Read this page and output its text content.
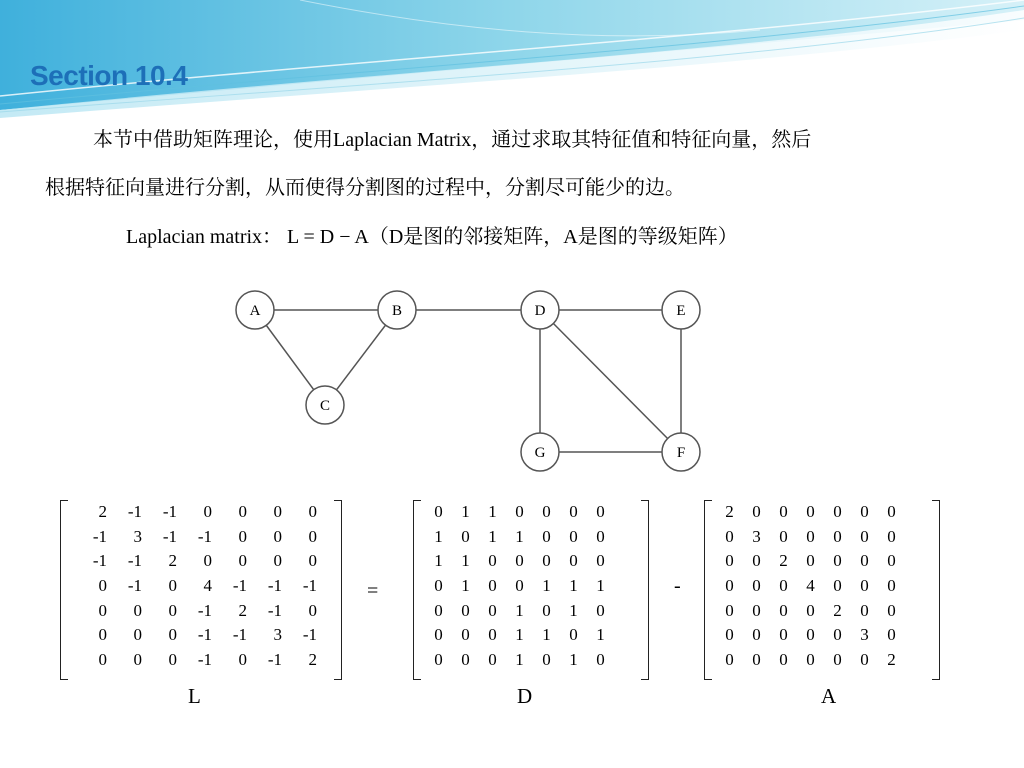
Section 10.4
本节中借助矩阵理论，使用Laplacian Matrix，通过求取其特征值和特征向量，然后
根据特征向量进行分割，从而使得分割图的过程中，分割尽可能少的边。
Laplacian matrix： L = D − A（D是图的邻接矩阵，A是图的等级矩阵）
A	B
C
D	E
F
G
2	-1	-1	0	0	0	0
-1	3	-1	-1	0	0	0
-1	-1	2	0	0	0	0
0	-1	0	4	-1	-1	-1
0	0	0	-1	2	-1	0
0	0	0	-1	-1	3	-1
0	0	0	-1	0	-1	2
=
0	1	1	0	0	0	0
1	0	1	1	0	0	0
1	1	0	0	0	0	0
0	1	0	0	1	1	1
0	0	0	1	0	1	0
0	0	0	1	1	0	1
0	0	0	1	0	1	0
-
2	0	0	0	0	0	0
0	3	0	0	0	0	0
0	0	2	0	0	0	0
0	0	0	4	0	0	0
0	0	0	0	2	0	0
0	0	0	0	0	3	0
0	0	0	0	0	0	2
L	D	A
